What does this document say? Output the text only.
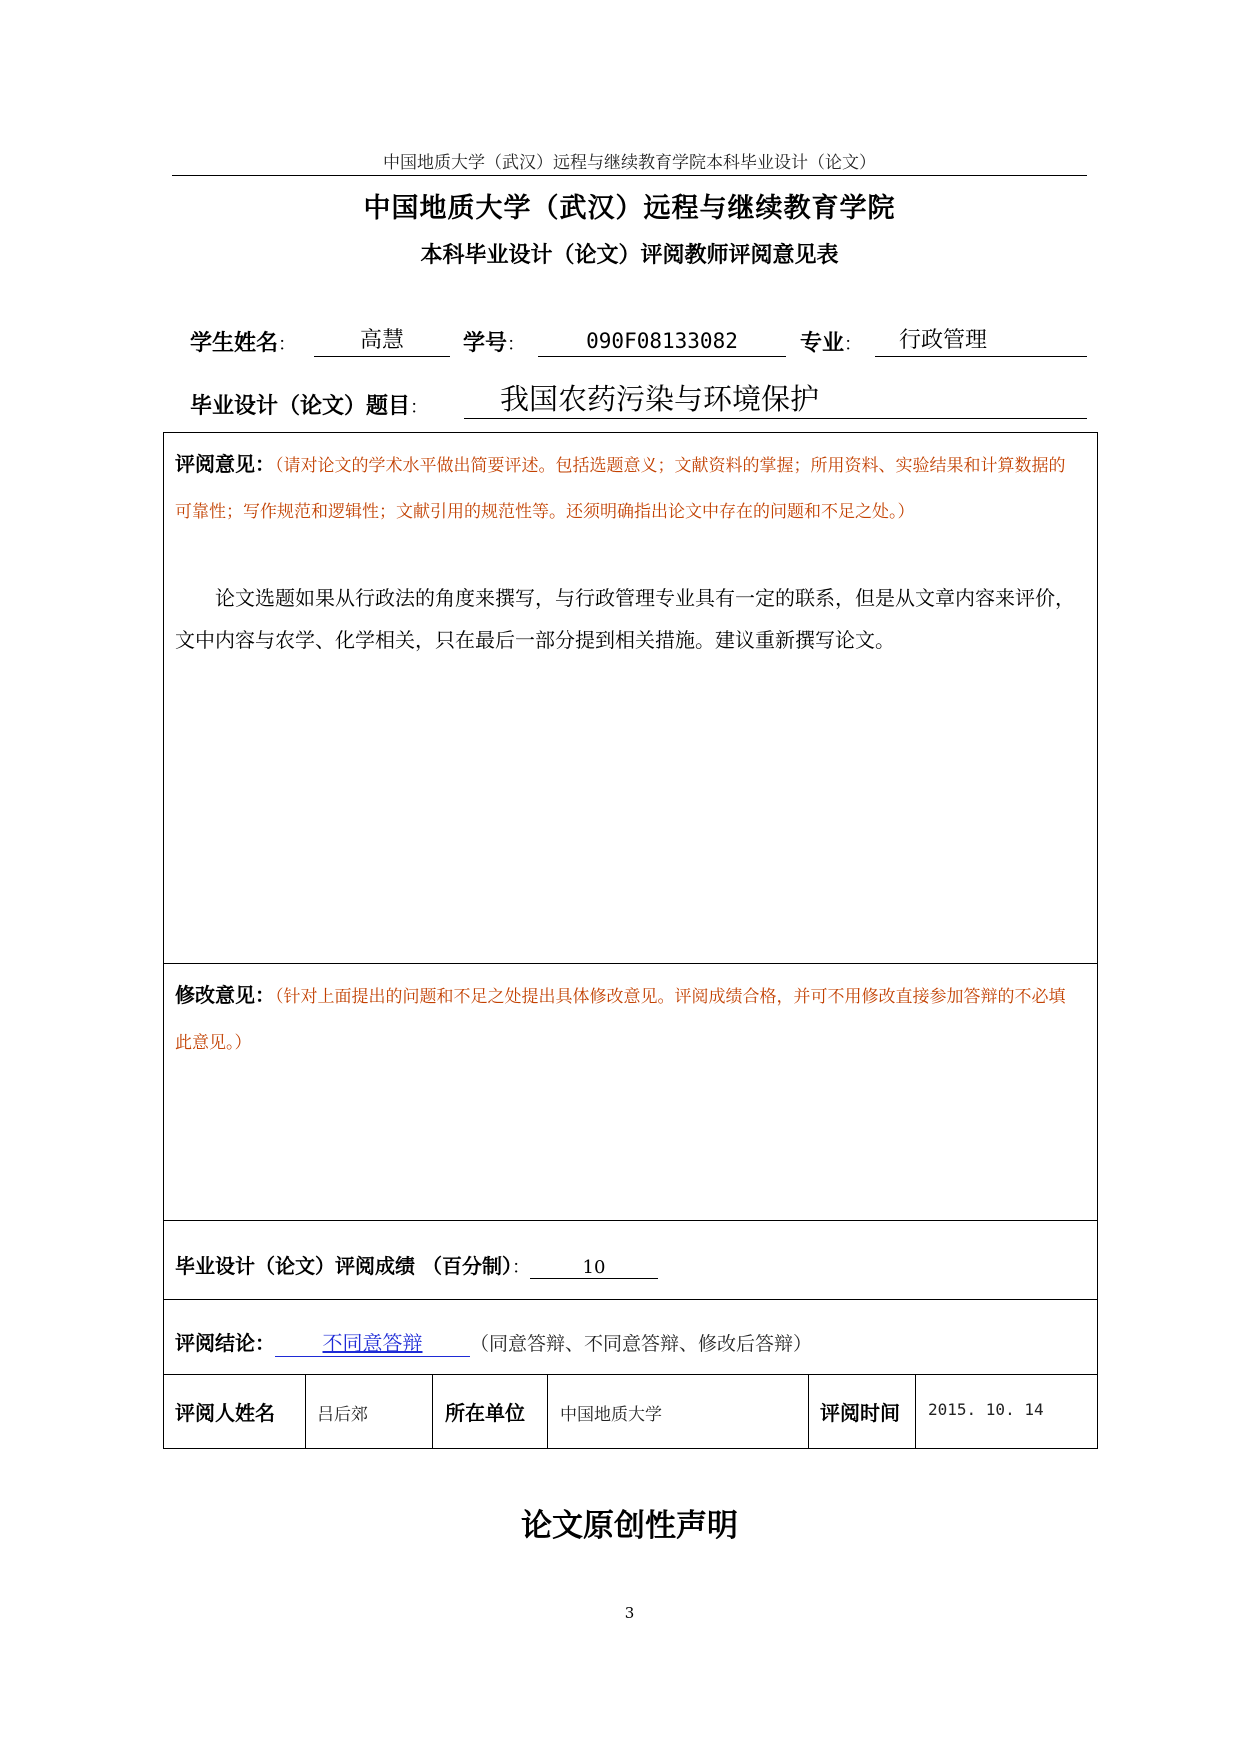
中国地质大学（武汉）远程与继续教育学院本科毕业设计（论文）
中国地质大学（武汉）远程与继续教育学院
本科毕业设计（论文）评阅教师评阅意见表
学生姓名：	高慧	学号：	090F08133082	专业：	行政管理
毕业设计（论文）题目：	我国农药污染与环境保护
评阅意见：（请对论文的学术水平做出简要评述。包括选题意义；文献资料的掌握；所用资料、实验结果和计算数据的可靠性；写作规范和逻辑性；文献引用的规范性等。还须明确指出论文中存在的问题和不足之处。）
论文选题如果从行政法的角度来撰写，与行政管理专业具有一定的联系，但是从文章内容来评价，文中内容与农学、化学相关，只在最后一部分提到相关措施。建议重新撰写论文。
修改意见：（针对上面提出的问题和不足之处提出具体修改意见。评阅成绩合格，并可不用修改直接参加答辩的不必填此意见。）
毕业设计（论文）评阅成绩 （百分制）：	10
评阅结论： 不同意答辩	（同意答辩、不同意答辩、修改后答辩）
评阅人姓名 吕后郊	所在单位 中国地质大学	评阅时间 2015. 10. 14
论文原创性声明
3
